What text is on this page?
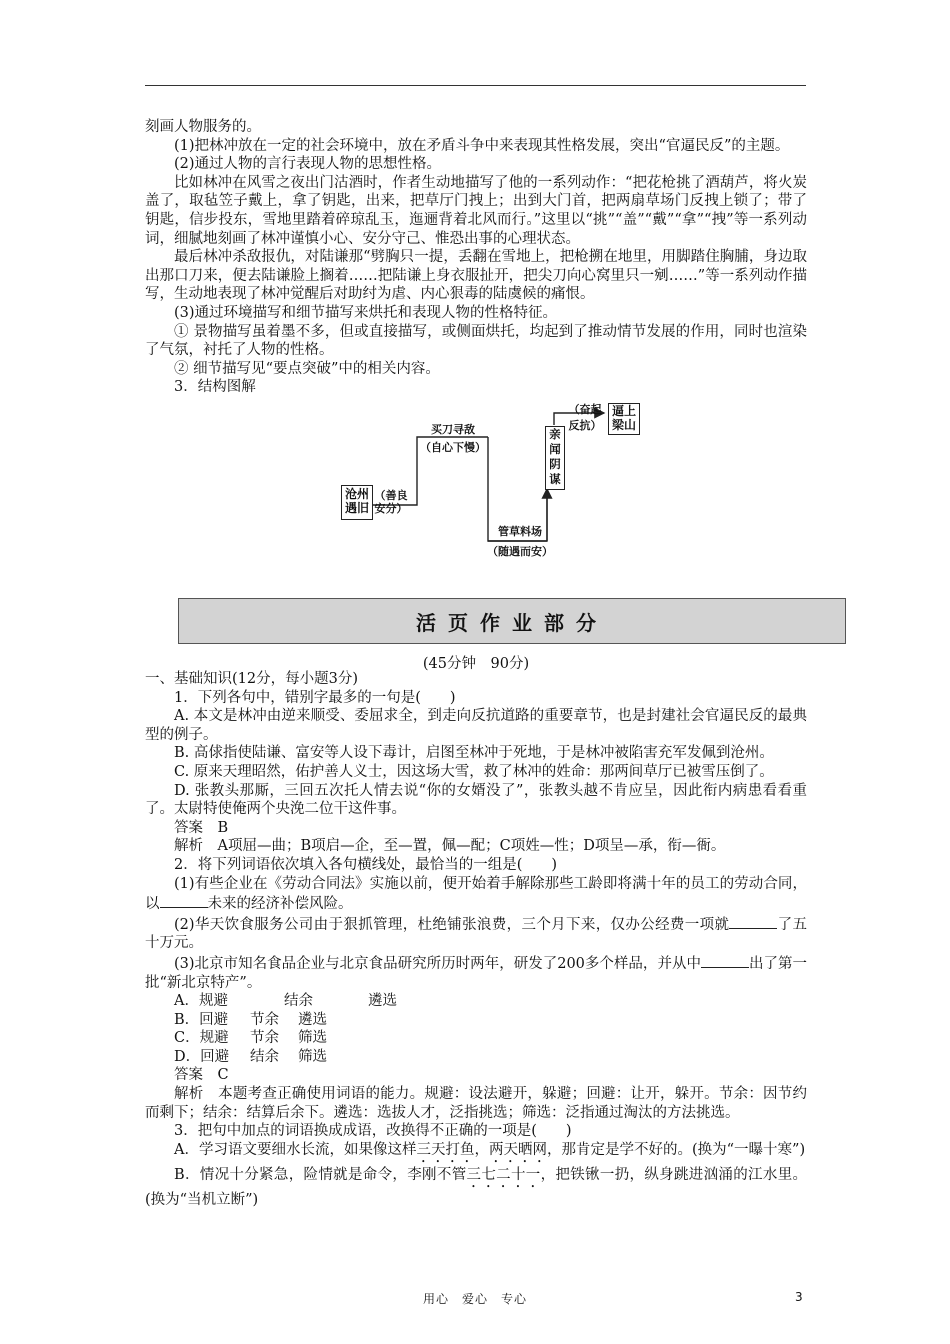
刻画人物服务的。

(1)把林冲放在一定的社会环境中，放在矛盾斗争中来表现其性格发展，突出“官逼民反”的主题。

(2)通过人物的言行表现人物的思想性格。

比如林冲在风雪之夜出门沽酒时，作者生动地描写了他的一系列动作：“把花枪挑了酒葫芦，将火炭盖了，取毡笠子戴上，拿了钥匙，出来，把草厅门拽上；出到大门首，把两扇草场门反拽上锁了；带了钥匙，信步投东，雪地里踏着碎琼乱玉，迤逦背着北风而行。”这里以“挑”“盖”“戴”“拿”“拽”等一系列动词，细腻地刻画了林冲谨慎小心、安分守己、惟恐出事的心理状态。

最后林冲杀敌报仇，对陆谦那“劈胸只一提，丢翻在雪地上，把枪搠在地里，用脚踏住胸脯，身边取出那口刀来，便去陆谦脸上搁着……把陆谦上身衣服扯开，把尖刀向心窝里只一剜……”等一系列动作描写，生动地表现了林冲觉醒后对助纣为虐、内心狠毒的陆虞候的痛恨。

(3)通过环境描写和细节描写来烘托和表现人物的性格特征。

① 景物描写虽着墨不多，但或直接描写，或侧面烘托，均起到了推动情节发展的作用，同时也渲染了气氛，衬托了人物的性格。

② 细节描写见“要点突破”中的相关内容。

3．结构图解

沧州
遇旧
（善良
安分）
买刀寻敌
（自心下慢）
管草料场
（随遇而安）
亲
闻
阴
谋
（奋起
反抗）
逼上
梁山
活页作业部分
(45分钟　90分)

一、基础知识(12分，每小题3分)

1．下列各句中，错别字最多的一句是(　　)

A. 本文是林冲由逆来顺受、委屈求全，到走向反抗道路的重要章节，也是封建社会官逼民反的最典型的例子。

B. 高俅指使陆谦、富安等人设下毒计，启图至林冲于死地，于是林冲被陷害充军发佩到沧州。

C. 原来天理昭然，佑护善人义士，因这场大雪，救了林冲的姓命：那两间草厅已被雪压倒了。

D. 张教头那厮，三回五次托人情去说“你的女婿没了”，张教头越不肯应呈，因此衔内病患看看重了。太尉特使俺两个央浼二位干这件事。

答案　B

解析　A项屈—曲；B项启—企，至—置，佩—配；C项姓—性；D项呈—承，衔—衙。

2．将下列词语依次填入各句横线处，最恰当的一组是(　　)

(1)有些企业在《劳动合同法》实施以前，便开始着手解除那些工龄即将满十年的员工的劳动合同，以	未来的经济补偿风险。

(2)华天饮食服务公司由于狠抓管理，杜绝铺张浪费，三个月下来，仅办公经费一项就	了五十万元。

(3)北京市知名食品企业与北京食品研究所历时两年，研发了200多个样品，并从中	出了第一批“新北京特产”。

A．规避	结余	遴选
B．回避 节余 遴选
C．规避 节余 筛选
D．回避 结余 筛选

答案　C

解析　本题考查正确使用词语的能力。规避：设法避开，躲避；回避：让开，躲开。节余：因节约而剩下；结余：结算后余下。遴选：选拔人才，泛指挑选；筛选：泛指通过淘汰的方法挑选。

3．把句中加点的词语换成成语，改换得不正确的一项是(　　)

A．学习语文要细水长流，如果像这样三天打鱼，两天晒网，那肯定是学不好的。(换为“一曝十寒”)

B．情况十分紧急，险情就是命令，李刚不管三七二十一，把铁锹一扔，纵身跳进汹涌的江水里。(换为“当机立断”)

用心　爱心　专心	3
